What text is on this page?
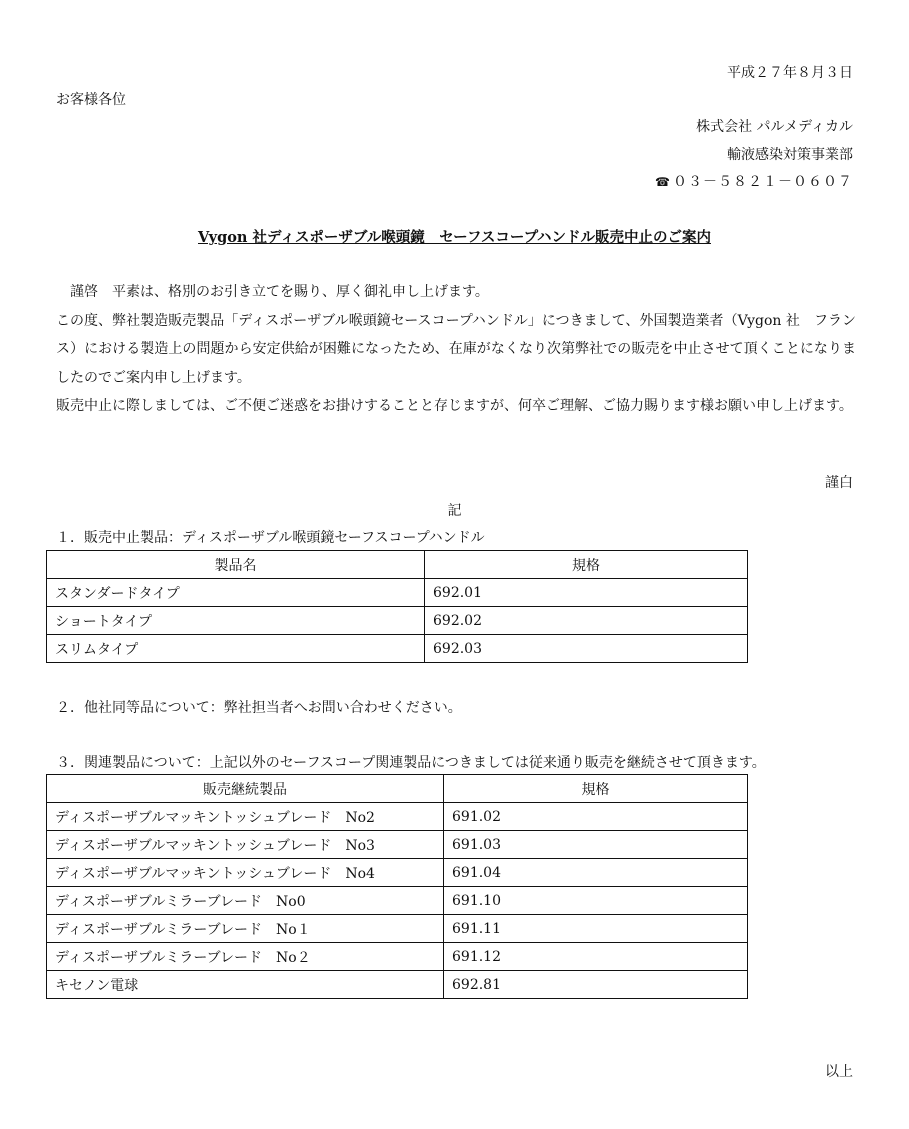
平成２７年８月３日
お客様各位
株式会社 パルメディカル
輸液感染対策事業部
☎ ０３－５８２１－０６０７
Vygon 社ディスポーザブル喉頭鏡　セーフスコープハンドル販売中止のご案内

　謹啓　平素は、格別のお引き立てを賜り、厚く御礼申し上げます。

この度、弊社製造販売製品「ディスポーザブル喉頭鏡セースコープハンドル」につきまして、外国製造業者（Vygon 社　フランス）における製造上の問題から安定供給が困難になったため、在庫がなくなり次第弊社での販売を中止させて頂くことになりましたのでご案内申し上げます。

販売中止に際しましては、ご不便ご迷惑をお掛けすることと存じますが、何卒ご理解、ご協力賜ります様お願い申し上げます。

謹白
記
１．販売中止製品：ディスポーザブル喉頭鏡セーフスコープハンドル
製品名	規格
スタンダードタイプ	692.01
ショートタイプ	692.02
スリムタイプ	692.03
２．他社同等品について：弊社担当者へお問い合わせください。
３．関連製品について：上記以外のセーフスコープ関連製品につきましては従来通り販売を継続させて頂きます。
販売継続製品	規格
ディスポーザブルマッキントッシュブレード　No2	691.02
ディスポーザブルマッキントッシュブレード　No3	691.03
ディスポーザブルマッキントッシュブレード　No4	691.04
ディスポーザブルミラーブレード　No0	691.10
ディスポーザブルミラーブレード　No１	691.11
ディスポーザブルミラーブレード　No２	691.12
キセノン電球	692.81
以上
